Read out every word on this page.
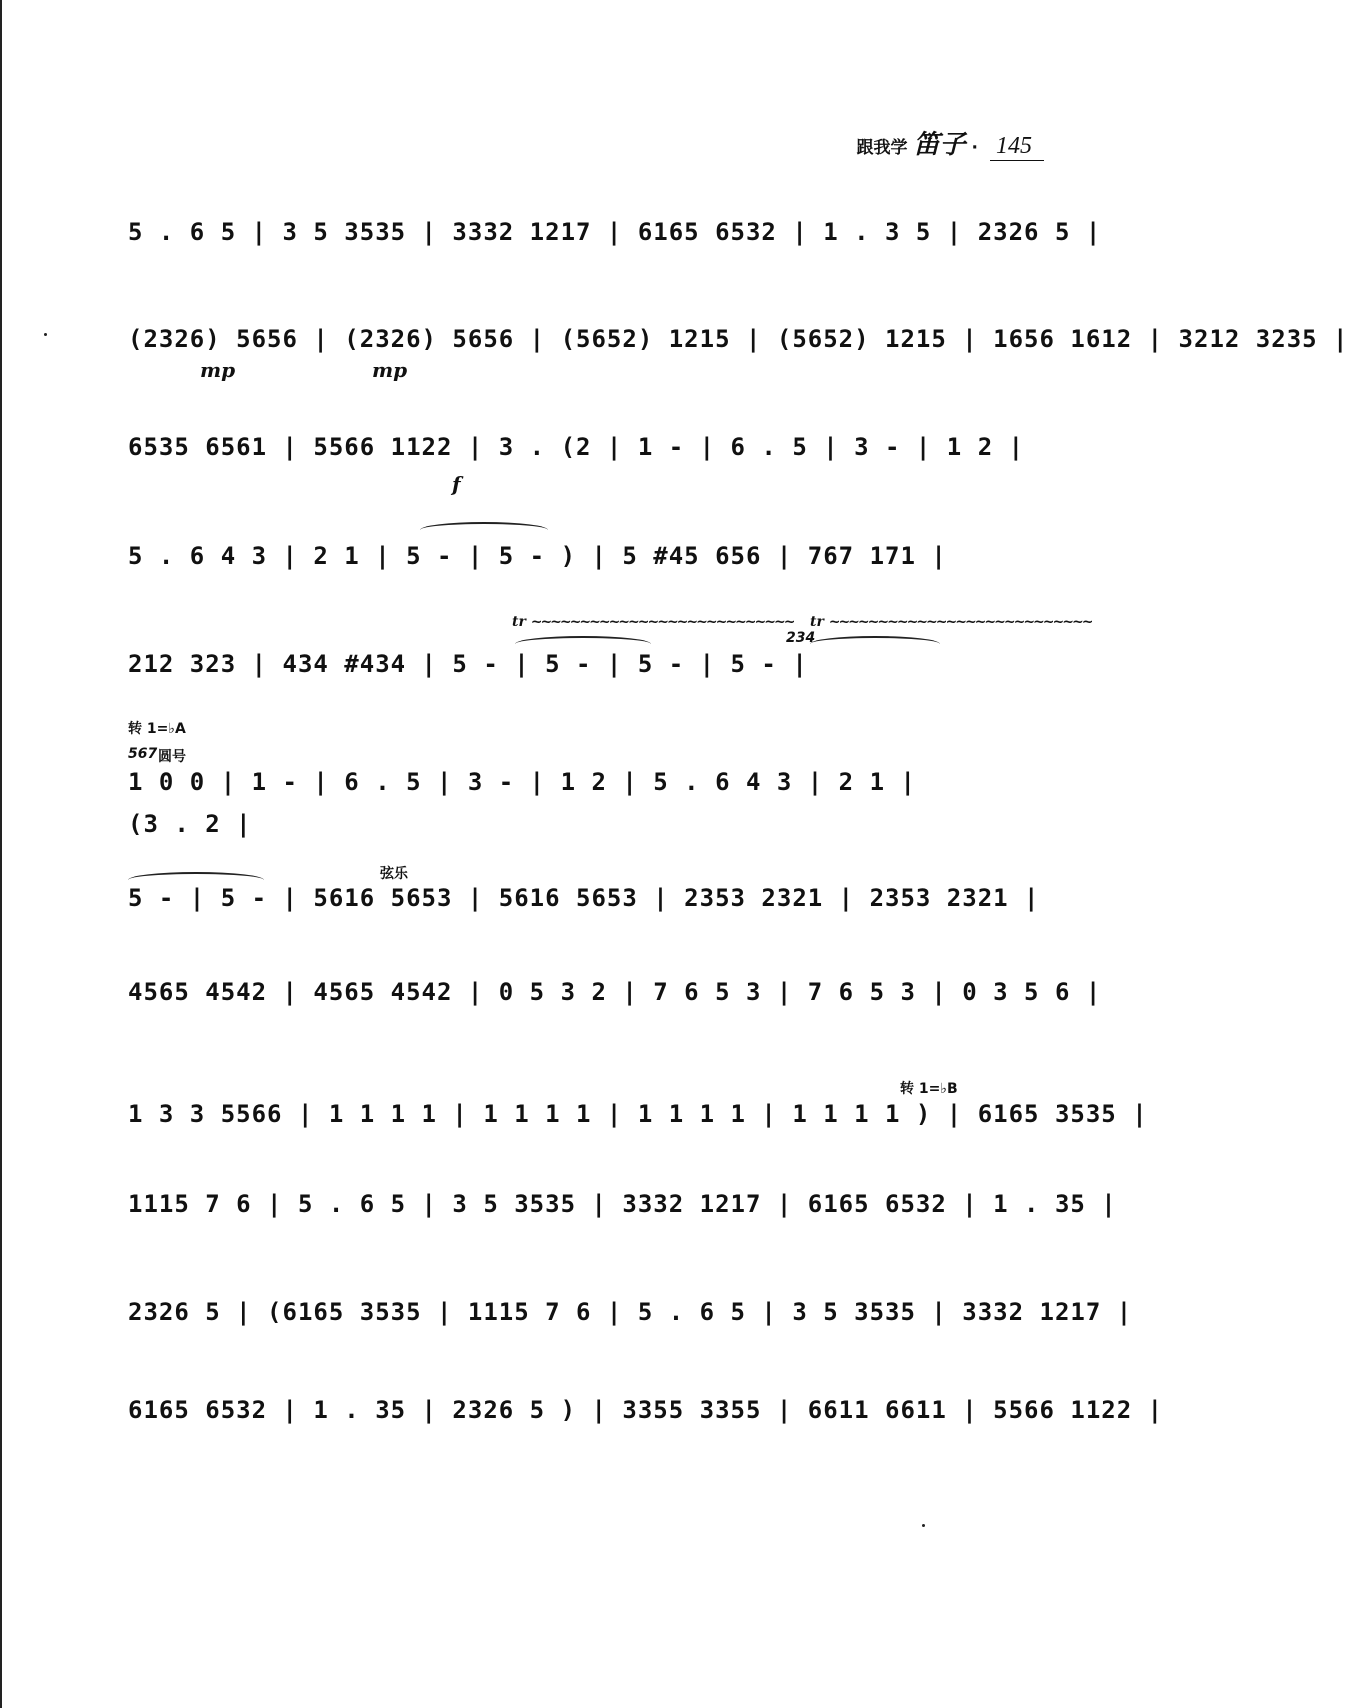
跟我学 笛子 · 145
5 . 6 5 | 3 5 3535 | 3332 1217 | 6165 6532 | 1 . 3 5 | 2326 5 |
(2326) 5656 | (2326) 5656 | (5652) 1215 | (5652) 1215 | 1656 1612 | 3212 3235 |
mp	mp
6535 6561 | 5566 1122 | 3 . (2 | 1 - | 6 . 5 | 3 - | 1 2 |
f
5 . 6 4 3 | 2 1 | 5 - | 5 - ) | 5 #45 656 | 767 171 |
tr ~~~~~~~~~~~~~~~~~~~~~~~~~~~ tr ~~~~~~~~~~~~~~~~~~~~~~~~~~~
234
212 323 | 434 #434 | 5 - | 5 - | 5 - | 5 - |
转 1=♭A
567 圆号
1 0 0 | 1 - | 6 . 5 | 3 - | 1 2 | 5 . 6 4 3 | 2 1 |
(3 . 2 |
弦乐
5 - | 5 - | 5616 5653 | 5616 5653 | 2353 2321 | 2353 2321 |
4565 4542 | 4565 4542 | 0 5 3 2 | 7 6 5 3 | 7 6 5 3 | 0 3 5 6 |
转 1=♭B
1 3 3 5566 | 1 1 1 1 | 1 1 1 1 | 1 1 1 1 | 1 1 1 1 ) | 6165 3535 |
1115 7 6 | 5 . 6 5 | 3 5 3535 | 3332 1217 | 6165 6532 | 1 . 35 |
2326 5 | (6165 3535 | 1115 7 6 | 5 . 6 5 | 3 5 3535 | 3332 1217 |
6165 6532 | 1 . 35 | 2326 5 ) | 3355 3355 | 6611 6611 | 5566 1122 |
